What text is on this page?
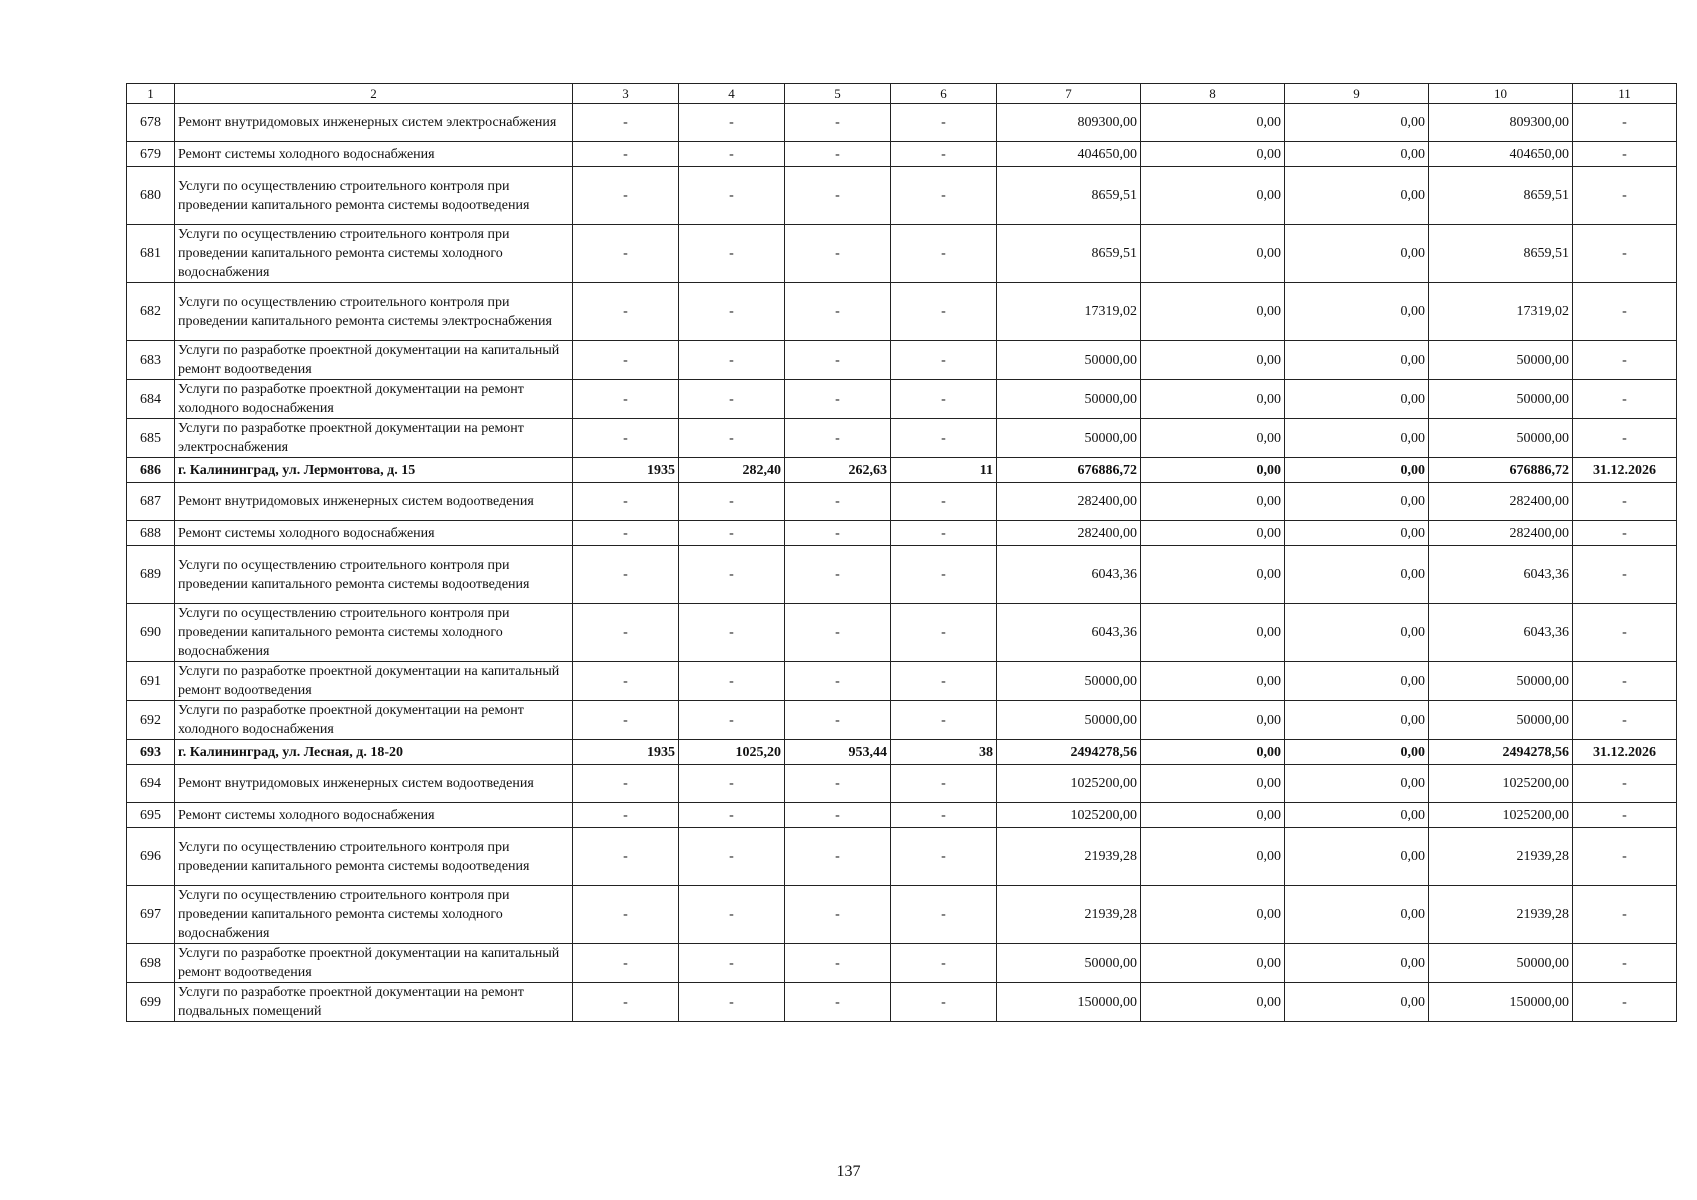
1	2	3	4	5	6	7	8	9	10	11
678	Ремонт внутридомовых инженерных систем электроснабжения	-	-	-	-	809300,00	0,00	0,00	809300,00	-
679	Ремонт системы холодного водоснабжения	-	-	-	-	404650,00	0,00	0,00	404650,00	-
680	Услуги по осуществлению строительного контроля при проведении капитального ремонта системы водоотведения	-	-	-	-	8659,51	0,00	0,00	8659,51	-
681	Услуги по осуществлению строительного контроля при проведении капитального ремонта системы холодного водоснабжения	-	-	-	-	8659,51	0,00	0,00	8659,51	-
682	Услуги по осуществлению строительного контроля при проведении капитального ремонта системы электроснабжения	-	-	-	-	17319,02	0,00	0,00	17319,02	-
683	Услуги по разработке проектной документации на капитальный ремонт водоотведения	-	-	-	-	50000,00	0,00	0,00	50000,00	-
684	Услуги по разработке проектной документации на ремонт холодного водоснабжения	-	-	-	-	50000,00	0,00	0,00	50000,00	-
685	Услуги по разработке проектной документации на ремонт электроснабжения	-	-	-	-	50000,00	0,00	0,00	50000,00	-
686	г. Калининград, ул. Лермонтова, д. 15	1935	282,40	262,63	11	676886,72	0,00	0,00	676886,72	31.12.2026
687	Ремонт внутридомовых инженерных систем водоотведения	-	-	-	-	282400,00	0,00	0,00	282400,00	-
688	Ремонт системы холодного водоснабжения	-	-	-	-	282400,00	0,00	0,00	282400,00	-
689	Услуги по осуществлению строительного контроля при проведении капитального ремонта системы водоотведения	-	-	-	-	6043,36	0,00	0,00	6043,36	-
690	Услуги по осуществлению строительного контроля при проведении капитального ремонта системы холодного водоснабжения	-	-	-	-	6043,36	0,00	0,00	6043,36	-
691	Услуги по разработке проектной документации на капитальный ремонт водоотведения	-	-	-	-	50000,00	0,00	0,00	50000,00	-
692	Услуги по разработке проектной документации на ремонт холодного водоснабжения	-	-	-	-	50000,00	0,00	0,00	50000,00	-
693	г. Калининград, ул. Лесная, д. 18-20	1935	1025,20	953,44	38	2494278,56	0,00	0,00	2494278,56	31.12.2026
694	Ремонт внутридомовых инженерных систем водоотведения	-	-	-	-	1025200,00	0,00	0,00	1025200,00	-
695	Ремонт системы холодного водоснабжения	-	-	-	-	1025200,00	0,00	0,00	1025200,00	-
696	Услуги по осуществлению строительного контроля при проведении капитального ремонта системы водоотведения	-	-	-	-	21939,28	0,00	0,00	21939,28	-
697	Услуги по осуществлению строительного контроля при проведении капитального ремонта системы холодного водоснабжения	-	-	-	-	21939,28	0,00	0,00	21939,28	-
698	Услуги по разработке проектной документации на капитальный ремонт водоотведения	-	-	-	-	50000,00	0,00	0,00	50000,00	-
699	Услуги по разработке проектной документации на ремонт подвальных помещений	-	-	-	-	150000,00	0,00	0,00	150000,00	-
137
